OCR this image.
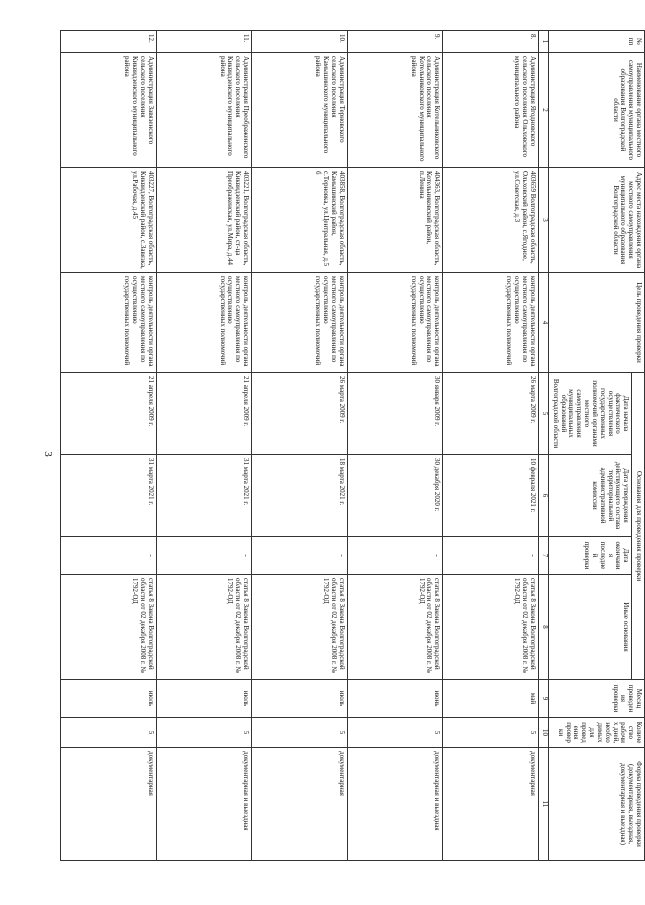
3
№ пп	Наименование органа местного самоуправления муниципального образования Волгоградской области	Адрес места нахождения органа местного самоуправления муниципального образования Волгоградской области	Цель проведения проверки	Основания для проведения проверки				Месяц проведения проверки	Количество рабочих дней, необходимых для проведения проверки	Форма проведения проверки (документарная, выездная, документарная и выездная)
				Дата начала фактического осуществления государственных полномочий органами местного самоуправления муниципальных образований Волгоградской области	Дата утверждения действующего состава территориальной административной комиссии	Дата окончания последней проверки	Иные основания			
1	2	3	4	5	6	7	8	9	10	11
8.	Администрация Ягодновского сельского поселения Ольховского муниципального района	403659 Волгоградская область, Ольховский район, с.Ягодное, ул.Советская, д.3	контроль деятельности органа местного самоуправления по осуществлению государственных полномочий	26 марта 2009 г.	10 февраля 2021 г.	-	статья 8 Закона Волгоградской области от 02 декабря 2008 г. № 1792-ОД	май	5	документарная
9.	Администрация Котельниковского сельского поселения Котельниковского муниципального района	404363, Волгоградская область, Котельниковский район, п.Ленина	контроль деятельности органа местного самоуправления по осуществлению государственных полномочий	30 января 2009 г.	30 декабря 2020 г.	-	статья 8 Закона Волгоградской области от 02 декабря 2008 г. № 1792-ОД	июнь	5	документарная и выездная
10.	Администрация Терновского сельского поселения Камышинского муниципального района	403858, Волгоградская область, Камышинский район, с.Терновка, ул.Центральная, д.5 б	контроль деятельности органа местного самоуправления по осуществлению государственных полномочий	26 марта 2009 г.	18 марта 2021 г.	-	статья 8 Закона Волгоградской области от 02 декабря 2008 г. № 1792-ОД	июль	5	документарная
11.	Администрация Преображенского сельского поселения Киквидзенского муниципального района	403221, Волгоградская область, Киквидзенский район, ст-ца Преображенская, ул.Мира, д.44	контроль деятельности органа местного самоуправления по осуществлению государственных полномочий	21 апреля 2009 г.	31 марта 2021 г.	-	статья 8 Закона Волгоградской области от 02 декабря 2008 г. № 1792-ОД	июль	5	документарная и выездная
12.	Администрация Завязенского сельского поселения Киквидзенского муниципального района	403227, Волгоградская область, Киквидзенский район, с.Завязка, ул.Рабочая, д.45	контроль деятельности органа местного самоуправления по осуществлению государственных полномочий	21 апреля 2009 г.	31 марта 2021 г.	-	статья 8 Закона Волгоградской области от 02 декабря 2008 г. № 1792-ОД	июль	5	документарная
